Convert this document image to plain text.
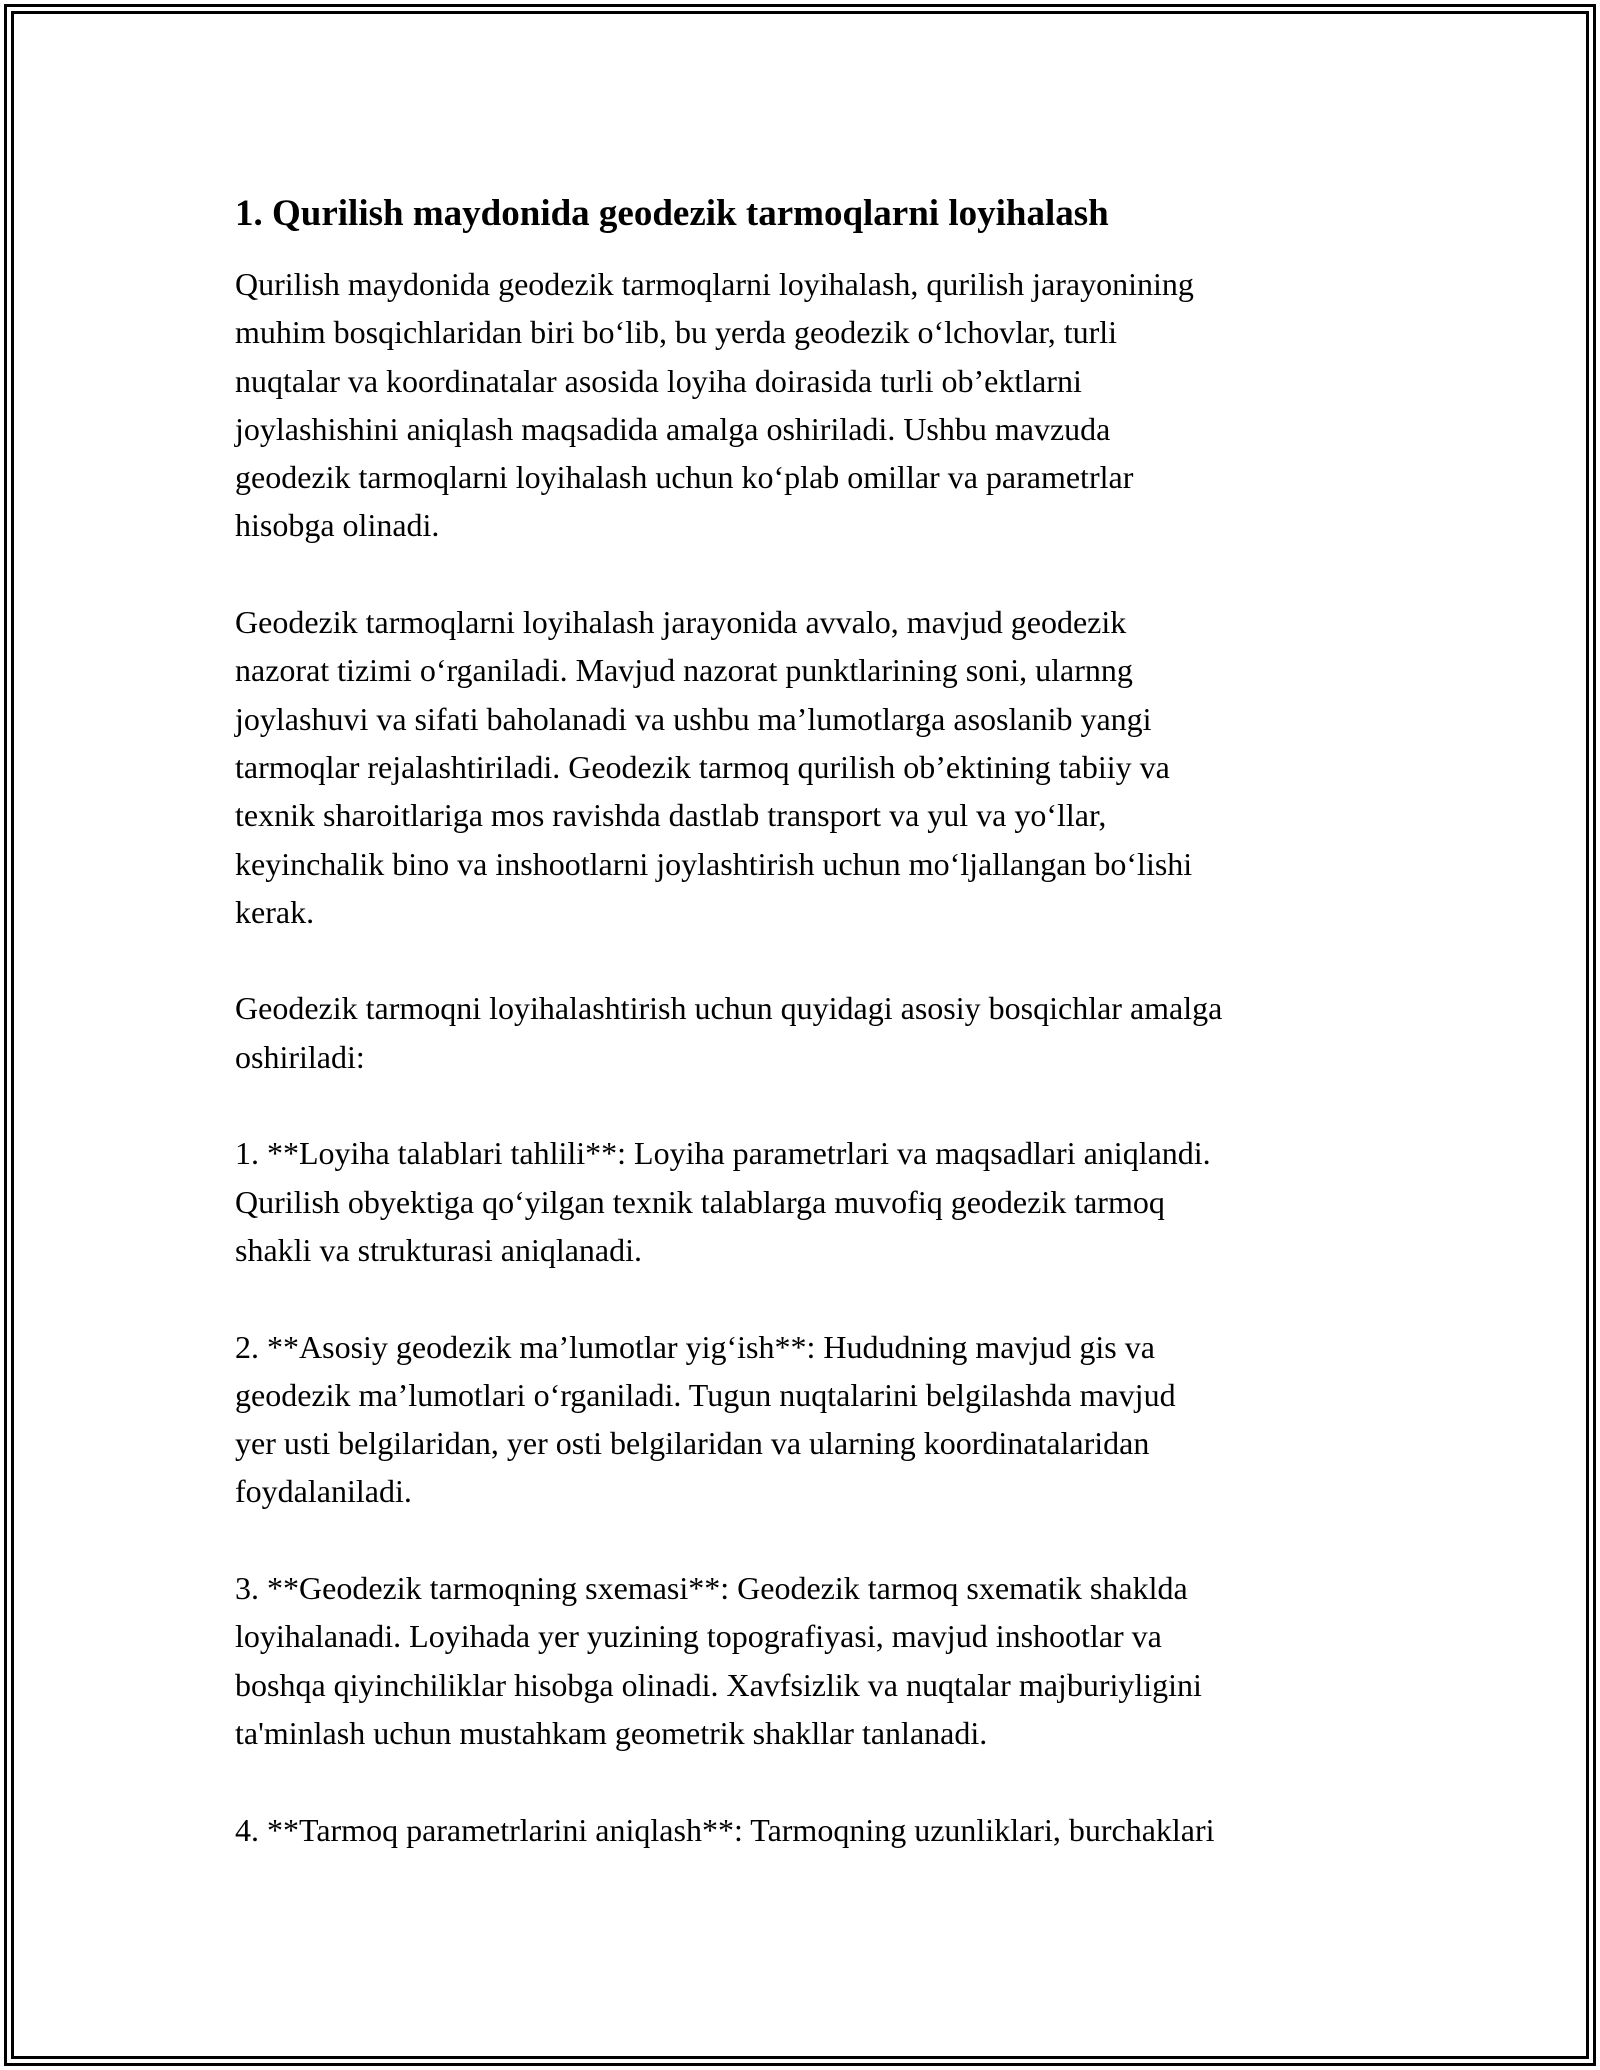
1. Qurilish maydonida geodezik tarmoqlarni loyihalash

Qurilish maydonida geodezik tarmoqlarni loyihalash, qurilish jarayonining
muhim bosqichlaridan biri bo‘lib, bu yerda geodezik o‘lchovlar, turli
nuqtalar va koordinatalar asosida loyiha doirasida turli ob’ektlarni
joylashishini aniqlash maqsadida amalga oshiriladi. Ushbu mavzuda
geodezik tarmoqlarni loyihalash uchun ko‘plab omillar va parametrlar
hisobga olinadi.

Geodezik tarmoqlarni loyihalash jarayonida avvalo, mavjud geodezik
nazorat tizimi o‘rganiladi. Mavjud nazorat punktlarining soni, ularnng
joylashuvi va sifati baholanadi va ushbu ma’lumotlarga asoslanib yangi
tarmoqlar rejalashtiriladi. Geodezik tarmoq qurilish ob’ektining tabiiy va
texnik sharoitlariga mos ravishda dastlab transport va yul va yo‘llar,
keyinchalik bino va inshootlarni joylashtirish uchun mo‘ljallangan bo‘lishi
kerak.

Geodezik tarmoqni loyihalashtirish uchun quyidagi asosiy bosqichlar amalga
oshiriladi:

1. **Loyiha talablari tahlili**: Loyiha parametrlari va maqsadlari aniqlandi.
Qurilish obyektiga qo‘yilgan texnik talablarga muvofiq geodezik tarmoq
shakli va strukturasi aniqlanadi.

2. **Asosiy geodezik ma’lumotlar yig‘ish**: Hududning mavjud gis va
geodezik ma’lumotlari o‘rganiladi. Tugun nuqtalarini belgilashda mavjud
yer usti belgilaridan, yer osti belgilaridan va ularning koordinatalaridan
foydalaniladi.

3. **Geodezik tarmoqning sxemasi**: Geodezik tarmoq sxematik shaklda
loyihalanadi. Loyihada yer yuzining topografiyasi, mavjud inshootlar va
boshqa qiyinchiliklar hisobga olinadi. Xavfsizlik va nuqtalar majburiyligini
ta'minlash uchun mustahkam geometrik shakllar tanlanadi.

4. **Tarmoq parametrlarini aniqlash**: Tarmoqning uzunliklari, burchaklari
